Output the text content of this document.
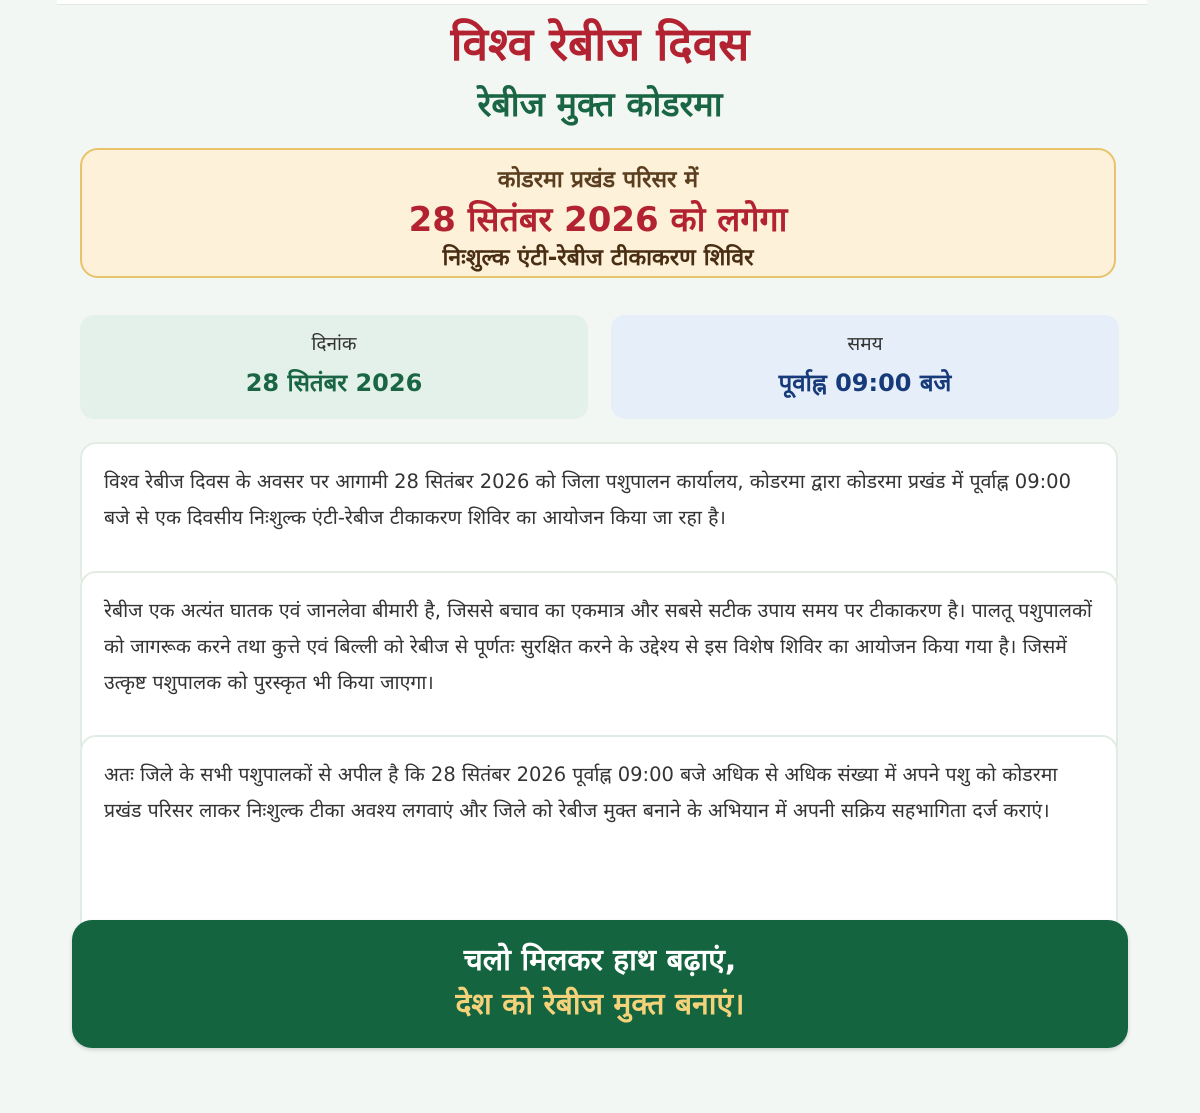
विश्व रेबीज दिवस
रेबीज मुक्त कोडरमा
कोडरमा प्रखंड परिसर में
28 सितंबर 2026 को लगेगा
निःशुल्क एंटी-रेबीज टीकाकरण शिविर
दिनांक
28 सितंबर 2026
समय
पूर्वाह्न 09:00 बजे

विश्व रेबीज दिवस के अवसर पर आगामी 28 सितंबर 2026 को जिला पशुपालन कार्यालय, कोडरमा द्वारा कोडरमा प्रखंड में पूर्वाह्न 09:00 बजे से एक दिवसीय निःशुल्क एंटी-रेबीज टीकाकरण शिविर का आयोजन किया जा रहा है।

रेबीज एक अत्यंत घातक एवं जानलेवा बीमारी है, जिससे बचाव का एकमात्र और सबसे सटीक उपाय समय पर टीकाकरण है। पालतू पशुपालकों को जागरूक करने तथा कुत्ते एवं बिल्ली को रेबीज से पूर्णतः सुरक्षित करने के उद्देश्य से इस विशेष शिविर का आयोजन किया गया है। जिसमें उत्कृष्ट पशुपालक को पुरस्कृत भी किया जाएगा।

अतः जिले के सभी पशुपालकों से अपील है कि 28 सितंबर 2026 पूर्वाह्न 09:00 बजे अधिक से अधिक संख्या में अपने पशु को कोडरमा प्रखंड परिसर लाकर निःशुल्क टीका अवश्य लगवाएं और जिले को रेबीज मुक्त बनाने के अभियान में अपनी सक्रिय सहभागिता दर्ज कराएं।

चलो मिलकर हाथ बढ़ाएं,
देश को रेबीज मुक्त बनाएं।
